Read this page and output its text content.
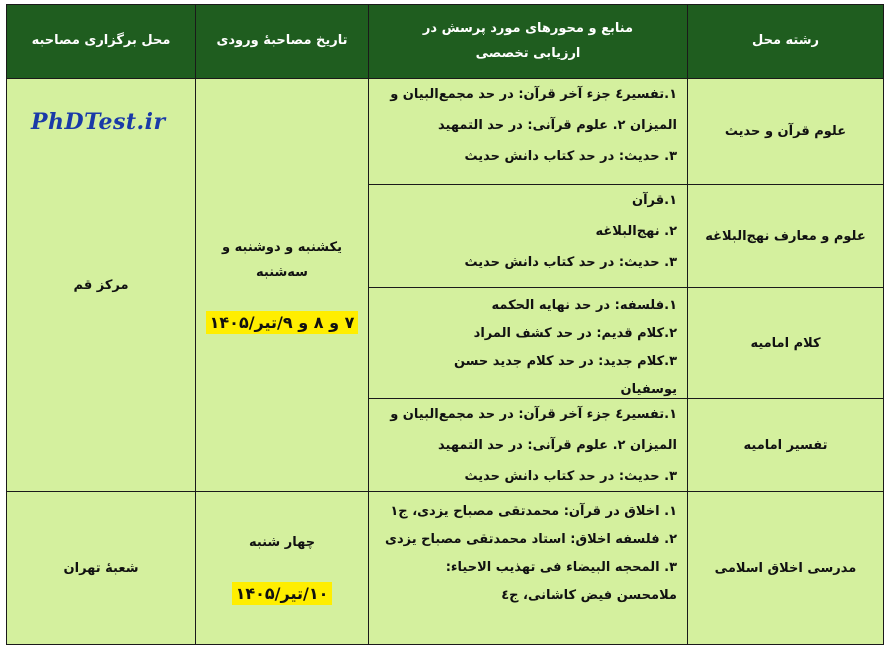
محل برگزاری مصاحبه	تاریخ مصاحبهٔ ورودی
منابع و محورهای مورد پرسش در ارزیابی تخصصی
رشته محل
مرکز قم
شعبهٔ تهران
یکشنبه و دوشنبه و سه‌شنبه
۷ و ۸ و ۹/تیر/۱۴۰۵
چهار شنبه
۱۰/تیر/۱۴۰۵
۱.تفسیر٤ جزء آخر قرآن: در حد مجمع‌البیان و
المیزان ۲. علوم قرآنی: در حد التمهید
۳. حدیث: در حد کتاب دانش حدیث
۱.قرآن
۲. نهج‌البلاغه
۳. حدیث: در حد کتاب دانش حدیث
۱.فلسفه: در حد نهایه الحکمه
۲.کلام قدیم: در حد کشف المراد
۳.کلام جدید: در حد کلام جدید حسن
یوسفیان
۱.تفسیر٤ جزء آخر قرآن: در حد مجمع‌البیان و
المیزان ۲. علوم قرآنی: در حد التمهید
۳. حدیث: در حد کتاب دانش حدیث
۱. اخلاق در قرآن: محمدتقی مصباح یزدی، ج۱
۲. فلسفه اخلاق: استاد محمدتقی مصباح یزدی
۳. المحجه البیضاء فی تهذیب الاحیاء:
ملامحسن فیض کاشانی، ج٤
علوم قرآن و حدیث
علوم و معارف نهج‌البلاغه
کلام امامیه
تفسیر امامیه
مدرسی اخلاق اسلامی
PhDTest.ir
